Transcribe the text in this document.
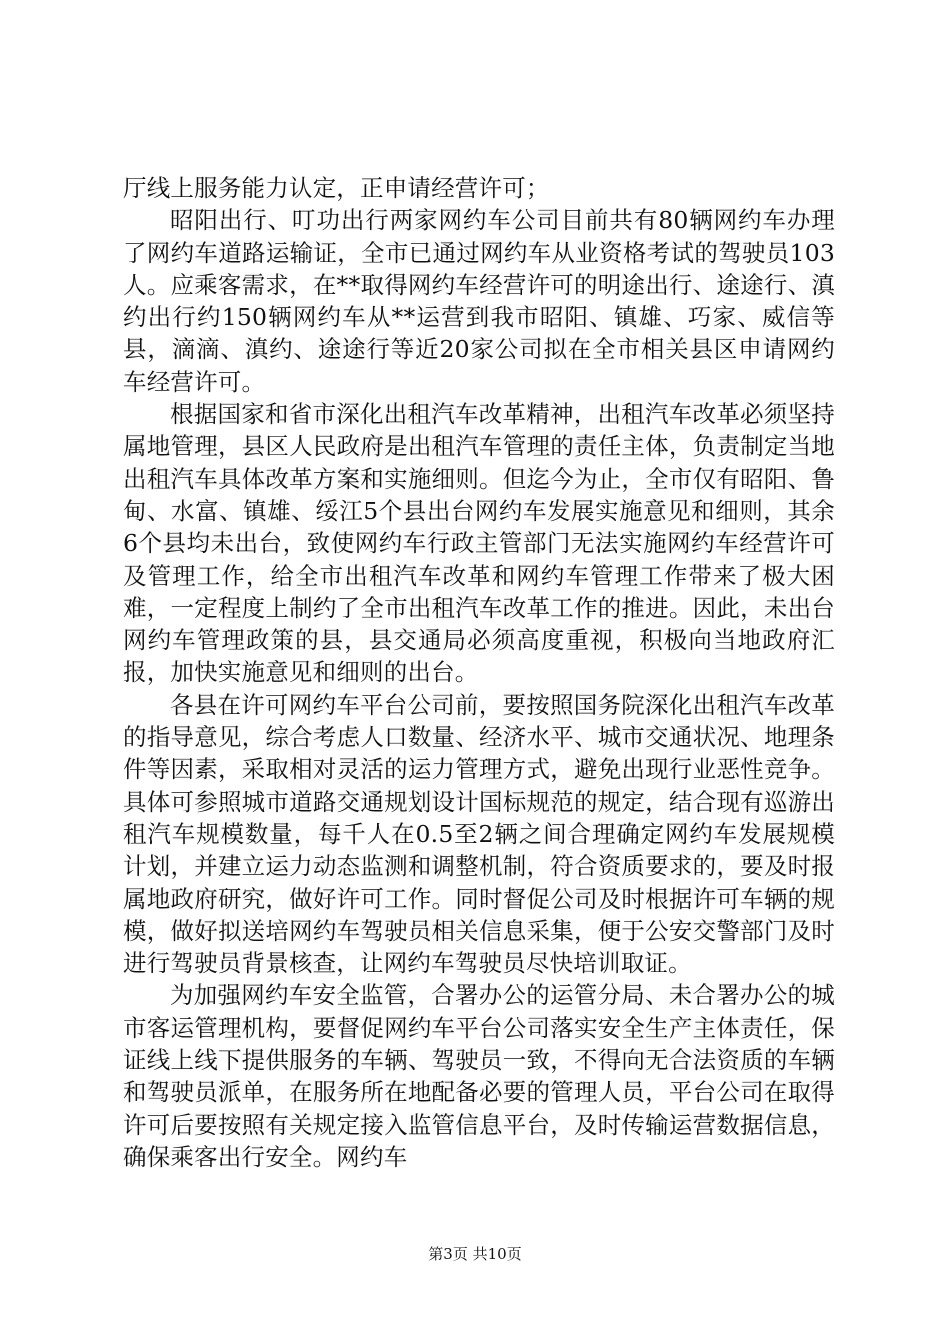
厅线上服务能力认定，正申请经营许可；

昭阳出行、叮功出行两家网约车公司目前共有80辆网约车办理了网约车道路运输证，全市已通过网约车从业资格考试的驾驶员103人。应乘客需求，在**取得网约车经营许可的明途出行、途途行、滇约出行约150辆网约车从**运营到我市昭阳、镇雄、巧家、威信等县，滴滴、滇约、途途行等近20家公司拟在全市相关县区申请网约车经营许可。

根据国家和省市深化出租汽车改革精神，出租汽车改革必须坚持属地管理，县区人民政府是出租汽车管理的责任主体，负责制定当地出租汽车具体改革方案和实施细则。但迄今为止，全市仅有昭阳、鲁甸、水富、镇雄、绥江5个县出台网约车发展实施意见和细则，其余6个县均未出台，致使网约车行政主管部门无法实施网约车经营许可及管理工作，给全市出租汽车改革和网约车管理工作带来了极大困难，一定程度上制约了全市出租汽车改革工作的推进。因此，未出台网约车管理政策的县，县交通局必须高度重视，积极向当地政府汇报，加快实施意见和细则的出台。

各县在许可网约车平台公司前，要按照国务院深化出租汽车改革的指导意见，综合考虑人口数量、经济水平、城市交通状况、地理条件等因素，采取相对灵活的运力管理方式，避免出现行业恶性竞争。具体可参照城市道路交通规划设计国标规范的规定，结合现有巡游出租汽车规模数量，每千人在0.5至2辆之间合理确定网约车发展规模计划，并建立运力动态监测和调整机制，符合资质要求的，要及时报属地政府研究，做好许可工作。同时督促公司及时根据许可车辆的规模，做好拟送培网约车驾驶员相关信息采集，便于公安交警部门及时进行驾驶员背景核查，让网约车驾驶员尽快培训取证。

为加强网约车安全监管，合署办公的运管分局、未合署办公的城市客运管理机构，要督促网约车平台公司落实安全生产主体责任，保证线上线下提供服务的车辆、驾驶员一致，不得向无合法资质的车辆和驾驶员派单，在服务所在地配备必要的管理人员，平台公司在取得许可后要按照有关规定接入监管信息平台，及时传输运营数据信息，确保乘客出行安全。网约车

第3页 共10页
